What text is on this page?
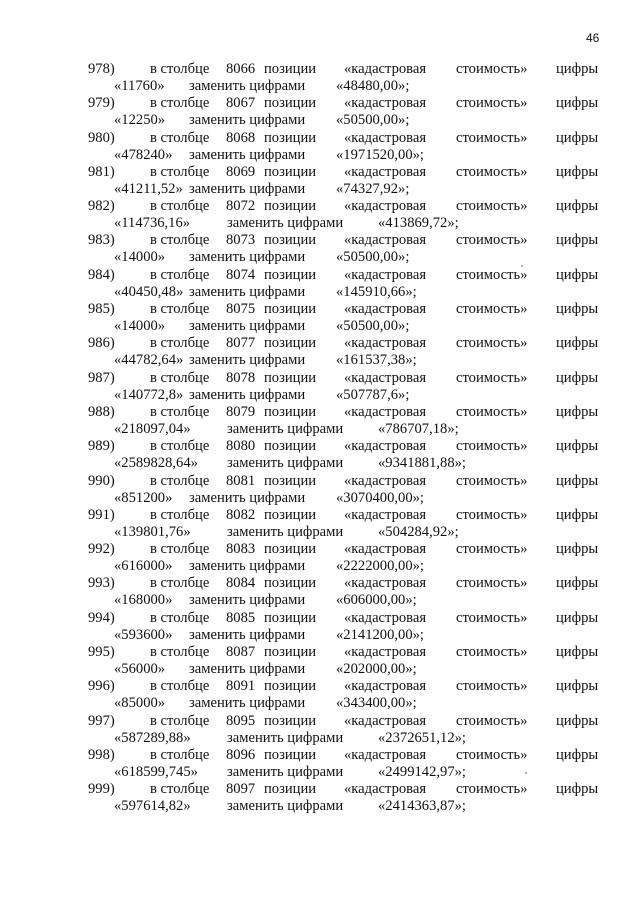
46
978) в столбце 8066 позиции «кадастровая стоимость» цифры
«11760» заменить цифрами «48480,00»;
979) в столбце 8067 позиции «кадастровая стоимость» цифры
«12250» заменить цифрами «50500,00»;
980) в столбце 8068 позиции «кадастровая стоимость» цифры
«478240» заменить цифрами «1971520,00»;
981) в столбце 8069 позиции «кадастровая стоимость» цифры
«41211,52» заменить цифрами «74327,92»;
982) в столбце 8072 позиции «кадастровая стоимость» цифры
«114736,16»	заменить цифрами «413869,72»;
983) в столбце 8073 позиции «кадастровая стоимость» цифры
«14000» заменить цифрами «50500,00»;
984) в столбце 8074 позиции «кадастровая стоимость» цифры
«40450,48» заменить цифрами «145910,66»;
985) в столбце 8075 позиции «кадастровая стоимость» цифры
«14000» заменить цифрами «50500,00»;
986) в столбце 8077 позиции «кадастровая стоимость» цифры
«44782,64» заменить цифрами «161537,38»;
987) в столбце 8078 позиции «кадастровая стоимость» цифры
«140772,8» заменить цифрами «507787,6»;
988) в столбце 8079 позиции «кадастровая стоимость» цифры
«218097,04» заменить цифрами «786707,18»;
989) в столбце 8080 позиции «кадастровая стоимость» цифры
«2589828,64» заменить цифрами «9341881,88»;
990) в столбце 8081 позиции «кадастровая стоимость» цифры
«851200» заменить цифрами «3070400,00»;
991) в столбце 8082 позиции «кадастровая стоимость» цифры
«139801,76» заменить цифрами «504284,92»;
992) в столбце 8083 позиции «кадастровая стоимость» цифры
«616000» заменить цифрами «2222000,00»;
993) в столбце 8084 позиции «кадастровая стоимость» цифры
«168000» заменить цифрами «606000,00»;
994) в столбце 8085 позиции «кадастровая стоимость» цифры
«593600» заменить цифрами «2141200,00»;
995) в столбце 8087 позиции «кадастровая стоимость» цифры
«56000» заменить цифрами «202000,00»;
996) в столбце 8091 позиции «кадастровая стоимость» цифры
«85000» заменить цифрами «343400,00»;
997) в столбце 8095 позиции «кадастровая стоимость» цифры
«587289,88» заменить цифрами «2372651,12»;
998) в столбце 8096 позиции «кадастровая стоимость» цифры
«618599,745» заменить цифрами «2499142,97»;
999) в столбце 8097 позиции «кадастровая стоимость» цифры
«597614,82» заменить цифрами «2414363,87»;
